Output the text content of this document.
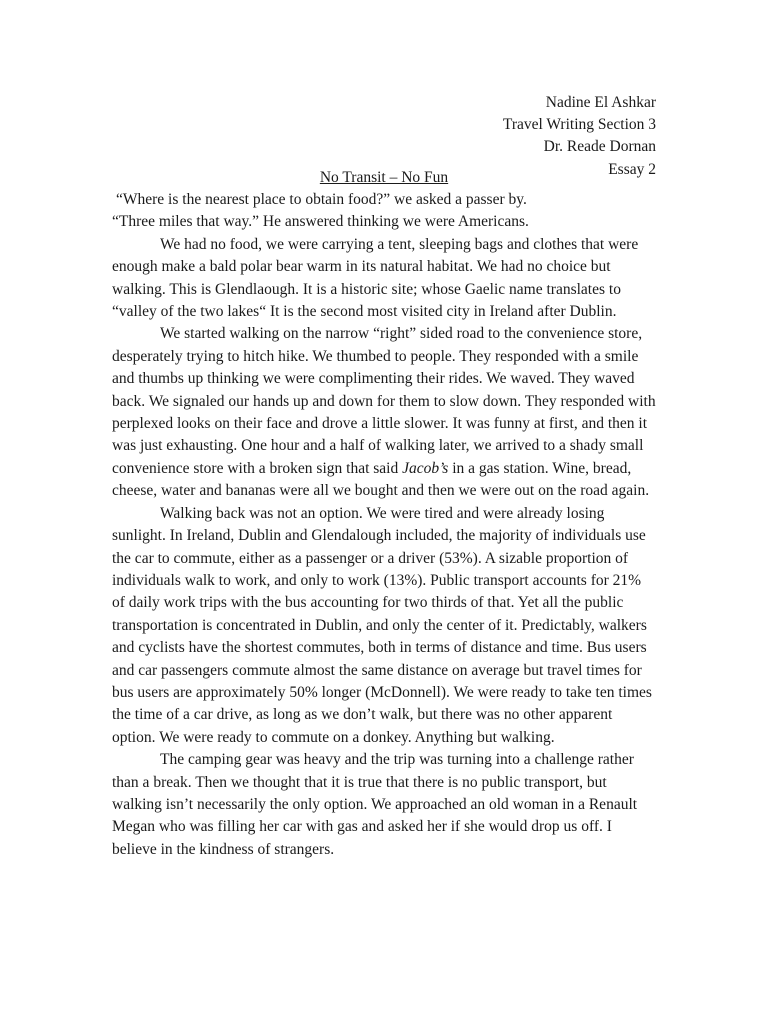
Nadine El Ashkar
Travel Writing Section 3
Dr. Reade Dornan
Essay 2
No Transit – No Fun

“Where is the nearest place to obtain food?” we asked a passer by.

“Three miles that way.” He answered thinking we were Americans.

We had no food, we were carrying a tent, sleeping bags and clothes that were enough make a bald polar bear warm in its natural habitat. We had no choice but walking. This is Glendlaough. It is a historic site; whose Gaelic name translates to “valley of the two lakes“ It is the second most visited city in Ireland after Dublin.

We started walking on the narrow “right” sided road to the convenience store, desperately trying to hitch hike. We thumbed to people. They responded with a smile and thumbs up thinking we were complimenting their rides. We waved. They waved back. We signaled our hands up and down for them to slow down. They responded with perplexed looks on their face and drove a little slower. It was funny at first, and then it was just exhausting. One hour and a half of walking later, we arrived to a shady small convenience store with a broken sign that said Jacob’s in a gas station. Wine, bread, cheese, water and bananas were all we bought and then we were out on the road again.

Walking back was not an option. We were tired and were already losing sunlight. In Ireland, Dublin and Glendalough included, the majority of individuals use the car to commute, either as a passenger or a driver (53%). A sizable proportion of individuals walk to work, and only to work (13%). Public transport accounts for 21% of daily work trips with the bus accounting for two thirds of that. Yet all the public transportation is concentrated in Dublin, and only the center of it. Predictably, walkers and cyclists have the shortest commutes, both in terms of distance and time. Bus users and car passengers commute almost the same distance on average but travel times for bus users are approximately 50% longer (McDonnell). We were ready to take ten times the time of a car drive, as long as we don’t walk, but there was no other apparent option. We were ready to commute on a donkey. Anything but walking.

The camping gear was heavy and the trip was turning into a challenge rather than a break. Then we thought that it is true that there is no public transport, but walking isn’t necessarily the only option. We approached an old woman in a Renault Megan who was filling her car with gas and asked her if she would drop us off. I believe in the kindness of strangers.
